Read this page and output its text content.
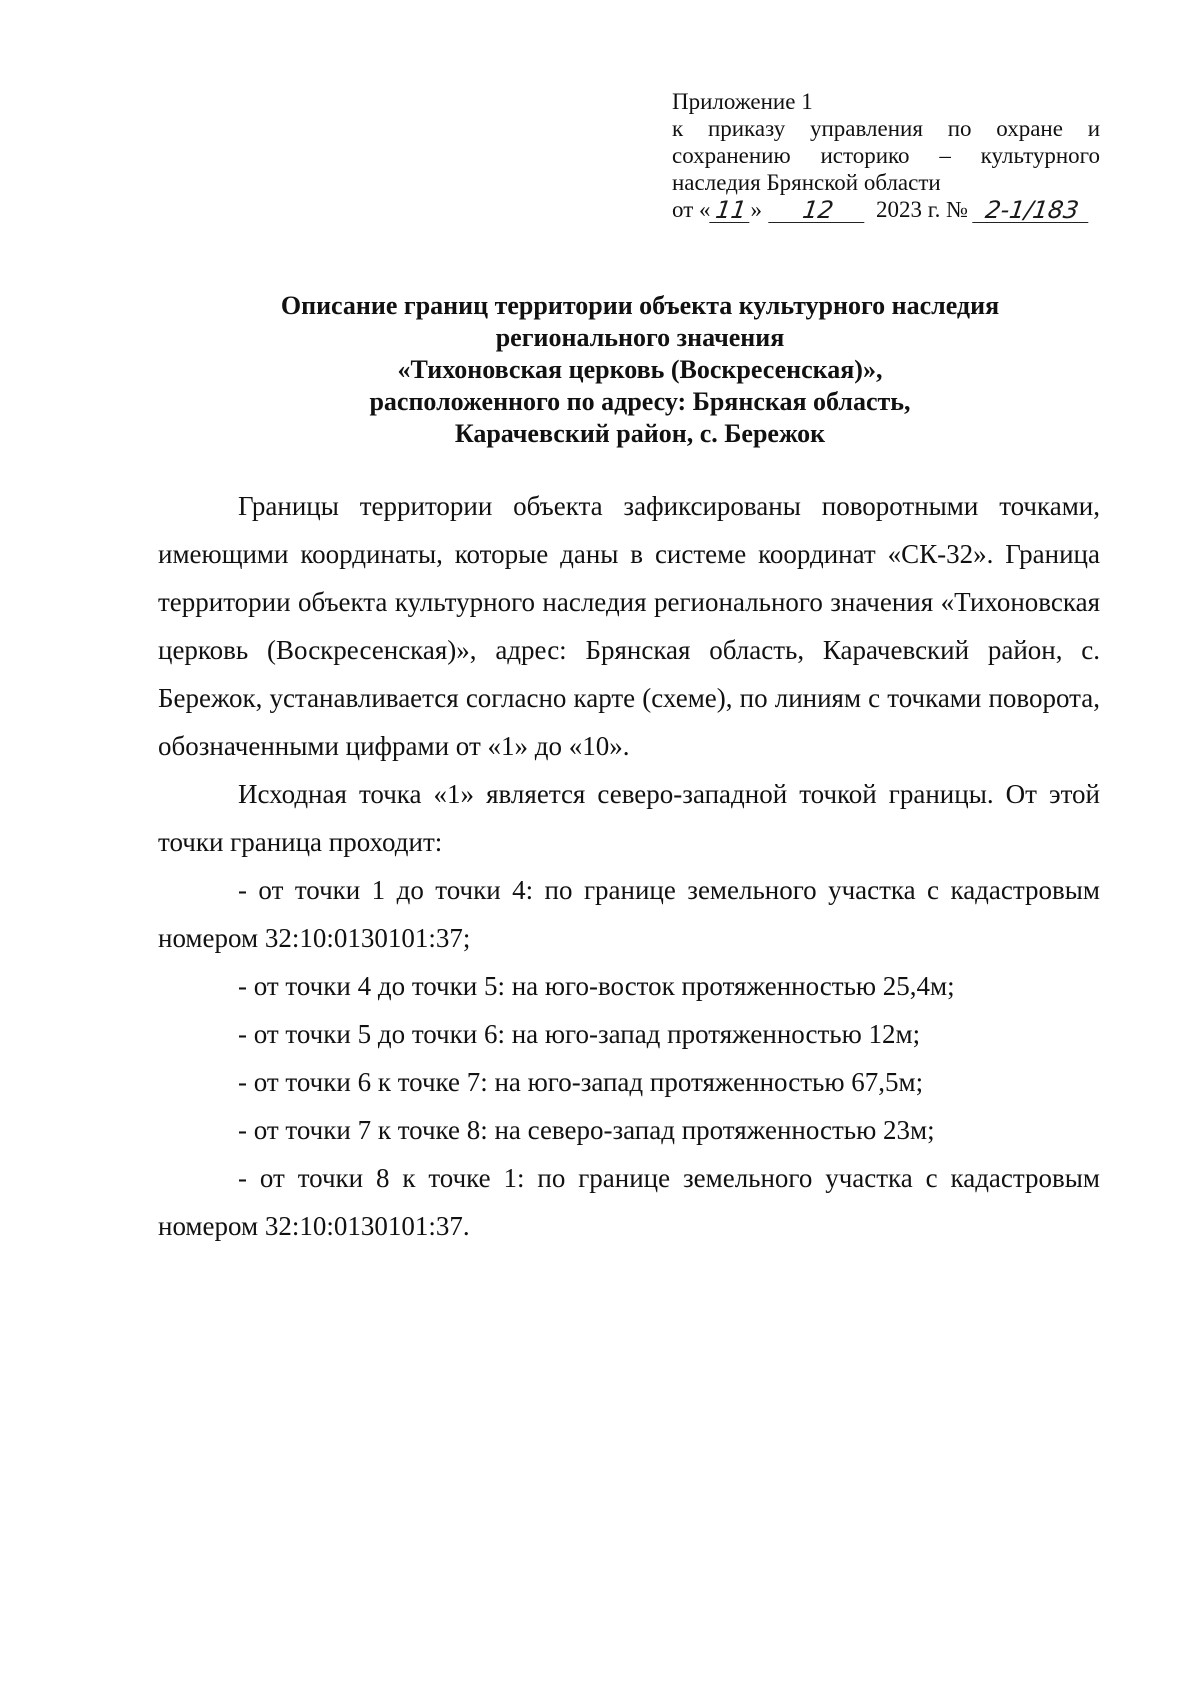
Приложение 1
к приказу управления по охране и
сохранению историко – культурного
наследия Брянской области
от « 11 »	12	2023 г. № 2-1/183
Описание границ территории объекта культурного наследия
регионального значения
«Тихоновская церковь (Воскресенская)»,
расположенного по адресу: Брянская область,
Карачевский район, с. Бережок

Границы территории объекта зафиксированы поворотными точками, имеющими координаты, которые даны в системе координат «СК-32». Граница территории объекта культурного наследия регионального значения «Тихоновская церковь (Воскресенская)», адрес: Брянская область, Карачевский район, с. Бережок, устанавливается согласно карте (схеме), по линиям с точками поворота, обозначенными цифрами от «1» до «10».

Исходная точка «1» является северо-западной точкой границы. От этой точки граница проходит:

- от точки 1 до точки 4: по границе земельного участка с кадастровым номером 32:10:0130101:37;

- от точки 4 до точки 5: на юго-восток протяженностью 25,4м;

- от точки 5 до точки 6: на юго-запад протяженностью 12м;

- от точки 6 к точке 7: на юго-запад протяженностью 67,5м;

- от точки 7 к точке 8: на северо-запад протяженностью 23м;

- от точки 8 к точке 1: по границе земельного участка с кадастровым номером 32:10:0130101:37.
